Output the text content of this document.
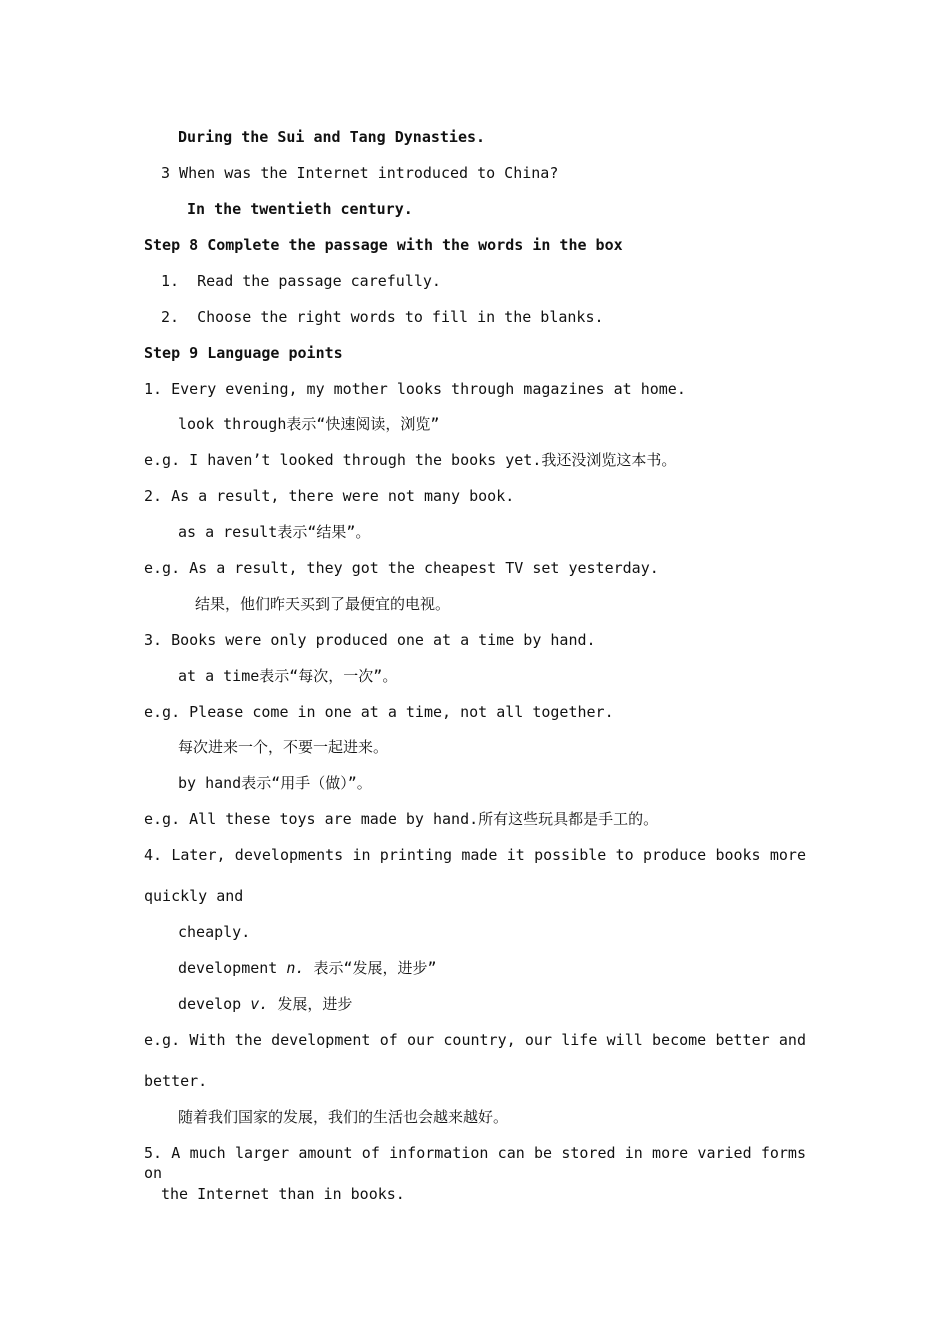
During the Sui and Tang Dynasties.
3 When was the Internet introduced to China?
In the twentieth century.
Step 8 Complete the passage with the words in the box
1.  Read the passage carefully.
2.  Choose the right words to fill in the blanks.
Step 9 Language points
1. Every evening, my mother looks through magazines at home.
look through表示“快速阅读，浏览”
e.g. I haven’t looked through the books yet.我还没浏览这本书。
2. As a result, there were not many book.
as a result表示“结果”。
e.g. As a result, they got the cheapest TV set yesterday.
结果，他们昨天买到了最便宜的电视。
3. Books were only produced one at a time by hand.
at a time表示“每次，一次”。
e.g. Please come in one at a time, not all together.
每次进来一个，不要一起进来。
by hand表示“用手（做）”。
e.g. All these toys are made by hand.所有这些玩具都是手工的。
4. Later, developments in printing made it possible to produce books more
quickly and
cheaply.
development n. 表示“发展，进步”
develop v. 发展，进步
e.g. With the development of our country, our life will become better and
better.
随着我们国家的发展，我们的生活也会越来越好。
5. A much larger amount of information can be stored in more varied forms on
the Internet than in books.
